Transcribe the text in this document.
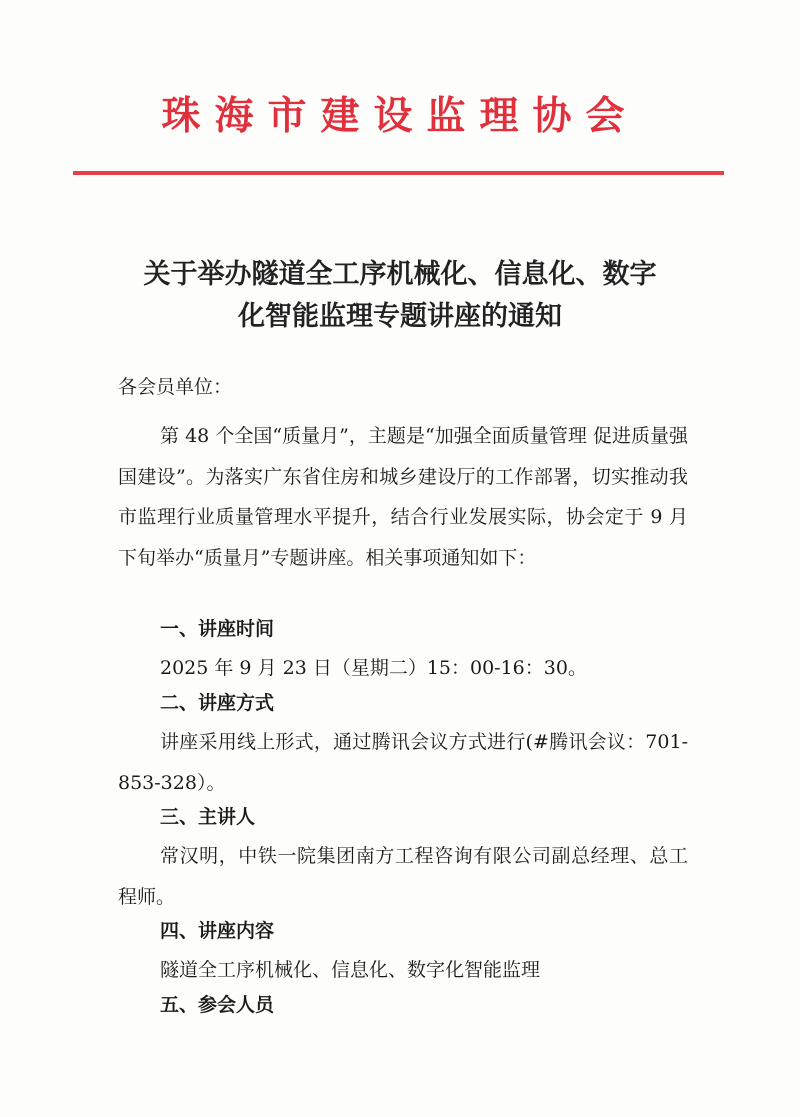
珠海市建设监理协会
关于举办隧道全工序机械化、信息化、数字
化智能监理专题讲座的通知
各会员单位：
第 48 个全国“质量月”，主题是“加强全面质量管理 促进质量强国建设”。为落实广东省住房和城乡建设厅的工作部署，切实推动我市监理行业质量管理水平提升，结合行业发展实际，协会定于 9 月下旬举办“质量月”专题讲座。相关事项通知如下：
一、讲座时间
2025 年 9 月 23 日（星期二）15：00-16：30。
二、讲座方式
讲座采用线上形式，通过腾讯会议方式进行(#腾讯会议：701-853-328）。
三、主讲人
常汉明，中铁一院集团南方工程咨询有限公司副总经理、总工程师。
四、讲座内容
隧道全工序机械化、信息化、数字化智能监理
五、参会人员
